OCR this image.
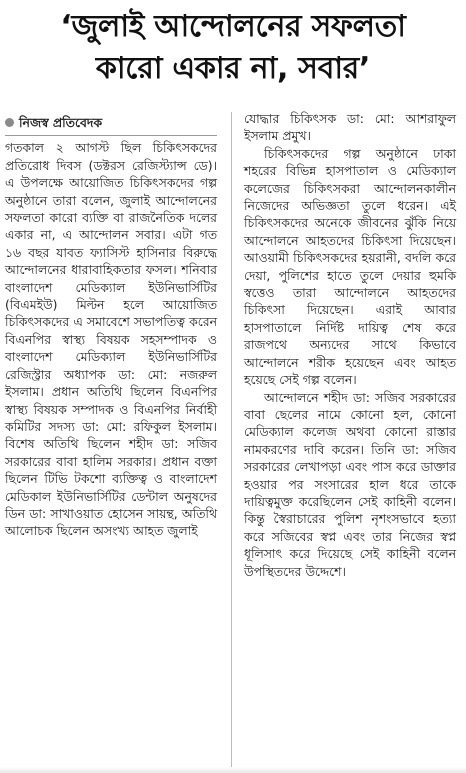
‘জুলাই আন্দোলনের সফলতা
কারো একার না, সবার’
নিজস্ব প্রতিবেদক

গতকাল ২ আগস্ট ছিল চিকিৎসকদের প্রতিরোধ দিবস (ডক্টরস রেজিস্ট্যান্স ডে)। এ উপলক্ষে আয়োজিত চিকিৎসকদের গল্প অনুষ্ঠানে তারা বলেন, জুলাই আন্দোলনের সফলতা কারো ব্যক্তি বা রাজনৈতিক দলের একার না, এ আন্দোলন সবার। এটা গত ১৬ বছর যাবত ফ্যাসিস্ট হাসিনার বিরুদ্ধে আন্দোলনের ধারাবাহিকতার ফসল। শনিবার বাংলাদেশ মেডিক্যাল ইউনিভার্সিটির (বিএমইউ) মিল্টন হলে আয়োজিত চিকিৎসকদের এ সমাবেশে সভাপতিত্ব করেন বিএনপির স্বাস্থ্য বিষয়ক সহসম্পাদক ও বাংলাদেশ মেডিক্যাল ইউনিভার্সিটির রেজিস্ট্রার অধ্যাপক ডা: মো: নজরুল ইসলাম। প্রধান অতিথি ছিলেন বিএনপির স্বাস্থ্য বিষয়ক সম্পাদক ও বিএনপির নির্বাহী কমিটির সদস্য ডা: মো: রফিকুল ইসলাম। বিশেষ অতিথি ছিলেন শহীদ ডা: সজিব সরকারের বাবা হালিম সরকার। প্রধান বক্তা ছিলেন টিভি টকশো ব্যক্তিত্ব ও বাংলাদেশ মেডিকাল ইউনিভার্সিটির ডেন্টাল অনুষদের ডিন ডা: সাখাওয়াত হোসেন সায়ন্থ, অতিথি আলোচক ছিলেন অসংখ্য আহত জুলাই

যোদ্ধার চিকিৎসক ডা: মো: আশরাফুল ইসলাম প্রমুখ।

চিকিৎসকদের গল্প অনুষ্ঠানে ঢাকা শহরের বিভিন্ন হাসপাতাল ও মেডিক্যাল কলেজের চিকিৎসকরা আন্দোলনকালীন নিজেদের অভিজ্ঞতা তুলে ধরেন। এই চিকিৎসকদের অনেকে জীবনের ঝুঁকি নিয়ে আন্দোলনে আহতদের চিকিৎসা দিয়েছেন। আওয়ামী চিকিৎসকদের হয়রানী, বদলি করে দেয়া, পুলিশের হাতে তুলে দেয়ার হুমকি স্বত্তেও তারা আন্দোলনে আহতদের চিকিৎসা দিয়েছেন। এরাই আবার হাসপাতালে নির্দিষ্ট দায়িত্ব শেষ করে রাজপথে অন্যদের সাথে কিভাবে আন্দোলনে শরীক হয়েছেন এবং আহত হয়েছে সেই গল্প বলেন।

আন্দোলনে শহীদ ডা: সজিব সরকারের বাবা ছেলের নামে কোনো হল, কোনো মেডিক্যাল কলেজ অথবা কোনো রাস্তার নামকরণের দাবি করেন। তিনি ডা: সজিব সরকারের লেখাপড়া এবং পাস করে ডাক্তার হওয়ার পর সংসারের হাল ধরে তাকে দায়িত্বমুক্ত করেছিলেন সেই কাহিনী বলেন। কিন্তু স্বৈরাচারের পুলিশ নৃশংসভাবে হত্যা করে সজিবের স্বপ্ন এবং তার নিজের স্বপ্ন ধূলিসাৎ করে দিয়েছে সেই কাহিনী বলেন উপস্থিতদের উদ্দেশে।
